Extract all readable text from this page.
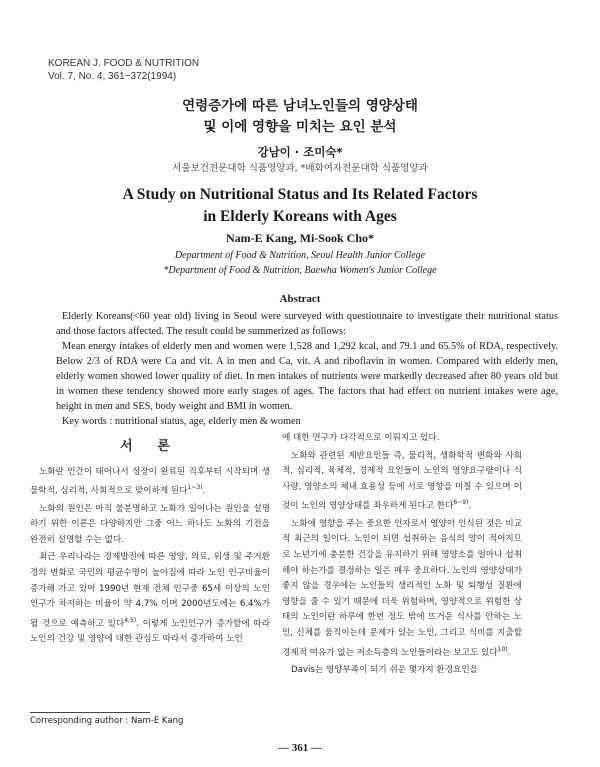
KOREAN J. FOOD & NUTRITION
Vol. 7, No. 4, 361~372(1994)
연령증가에 따른 남녀노인들의 영양상태
및 이에 영향을 미치는 요인 분석
강남이 · 조미숙*
서울보건전문대학 식품영양과, *배화여자전문대학 식품영양과
A Study on Nutritional Status and Its Related Factors
in Elderly Koreans with Ages
Nam-E Kang, Mi-Sook Cho*
Department of Food & Nutrition, Seoul Health Junior College
*Department of Food & Nutrition, Baewha Women's Junior College
Abstract

Elderly Koreans(<60 year old) living in Seoul were surveyed with questionnaire to investigate their nutritional status and those factors affected. The result could be summerized as follows:

Mean energy intakes of elderly men and women were 1,528 and 1,292 kcal, and 79.1 and 65.5% of RDA, respectively. Below 2/3 of RDA were Ca and vit. A in men and Ca, vit. A and riboflavin in women. Compared with elderly men, elderly women showed lower quality of diet. In men intakes of nutrients were markedly decreased after 80 years old but in women these tendency showed more early stages of ages. The factors that had effect on nutrient intakes were age, height in men and SES, body weight and BMI in women.

Key words : nutritional status, age, elderly men & women

서 론

노화란 인간이 태어나서 성장이 완료된 직후부터 시작되며 생물학적, 심리적, 사회적으로 맞이하게 된다$^{1\sim 3)}$.

노화의 원인은 아직 불분명하고 노화가 일어나는 원인을 설명하기 위한 이론은 다양하지만 그중 어느 하나도 노화의 기전을 완전히 설명할 수는 없다.

최근 우리나라는 경제발전에 따른 영양, 의료, 위생 및 주거환경의 변화로 국민의 평균수명이 높아짐에 따라 노인 인구비율이 증가해 가고 있어 1990년 현재 전체 인구중 65세 이상의 노인인구가 차지하는 비율이 약 4.7% 이며 2000년도에는 6.4%가 될 것으로 예측하고 있다$^{4,5)}$. 이렇게 노인인구가 증가함에 따라 노인의 건강 및 영양에 대한 관심도 따라서 증가하여 노인

에 대한 연구가 다각적으로 이뤄지고 있다.

노화와 관련된 제반요인들 즉, 물리적, 생화학적 변화와 사회적, 심리적, 육체적, 경제적 요인들이 노인의 영양요구량이나 식사량, 영양소의 체내 효용성 등에 서로 영향을 미칠 수 있으며 이것이 노인의 영양상태를 좌우하게 된다고 한다$^{6\sim 9)}$.

노화에 영향을 주는 중요한 인자로서 영양이 인식된 것은 비교적 최근의 일이다. 노인이 되면 섭취하는 음식의 양이 적어지므로 노년기에 충분한 건강을 유지하기 위해 영양소를 얼마나 섭취해야 하는가를 결정하는 일은 매우 중요하다. 노인의 영양상태가 좋지 않을 경우에는 노인들의 생리적인 노화 및 퇴행성 질환에 영향을 줄 수 있기 때문에 더욱 위험하며, 영양적으로 위험한 상태의 노인이란 하루에 한번 정도 밖에 뜨거운 식사를 안하는 노인, 신체를 움직이는데 문제가 있는 노인, 그리고 식비를 지출할 경제적 여유가 없는 저소득층의 노인들이라는 보고도 있다$^{10)}$.

Davis는 영양부족이 되기 쉬운 몇가지 환경요인을

Corresponding author : Nam-E Kang
— 361 —
